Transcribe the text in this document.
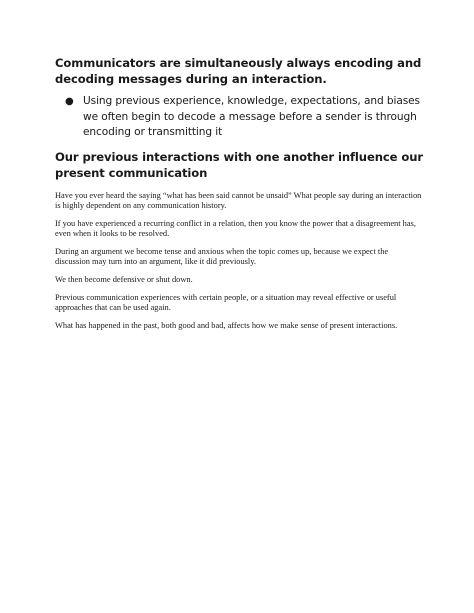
Communicators are simultaneously always encoding and decoding messages during an interaction.
● Using previous experience, knowledge, expectations, and biases we often begin to decode a message before a sender is through encoding or transmitting it
Our previous interactions with one another influence our present communication

Have you ever heard the saying “what has been said cannot be unsaid” What people say during an interaction is highly dependent on any communication history.

If you have experienced a recurring conflict in a relation, then you know the power that a disagreement has, even when it looks to be resolved.

During an argument we become tense and anxious when the topic comes up, because we expect the discussion may turn into an argument, like it did previously.

We then become defensive or shut down.

Previous communication experiences with certain people, or a situation may reveal effective or useful approaches that can be used again.

What has happened in the past, both good and bad, affects how we make sense of present interactions.
